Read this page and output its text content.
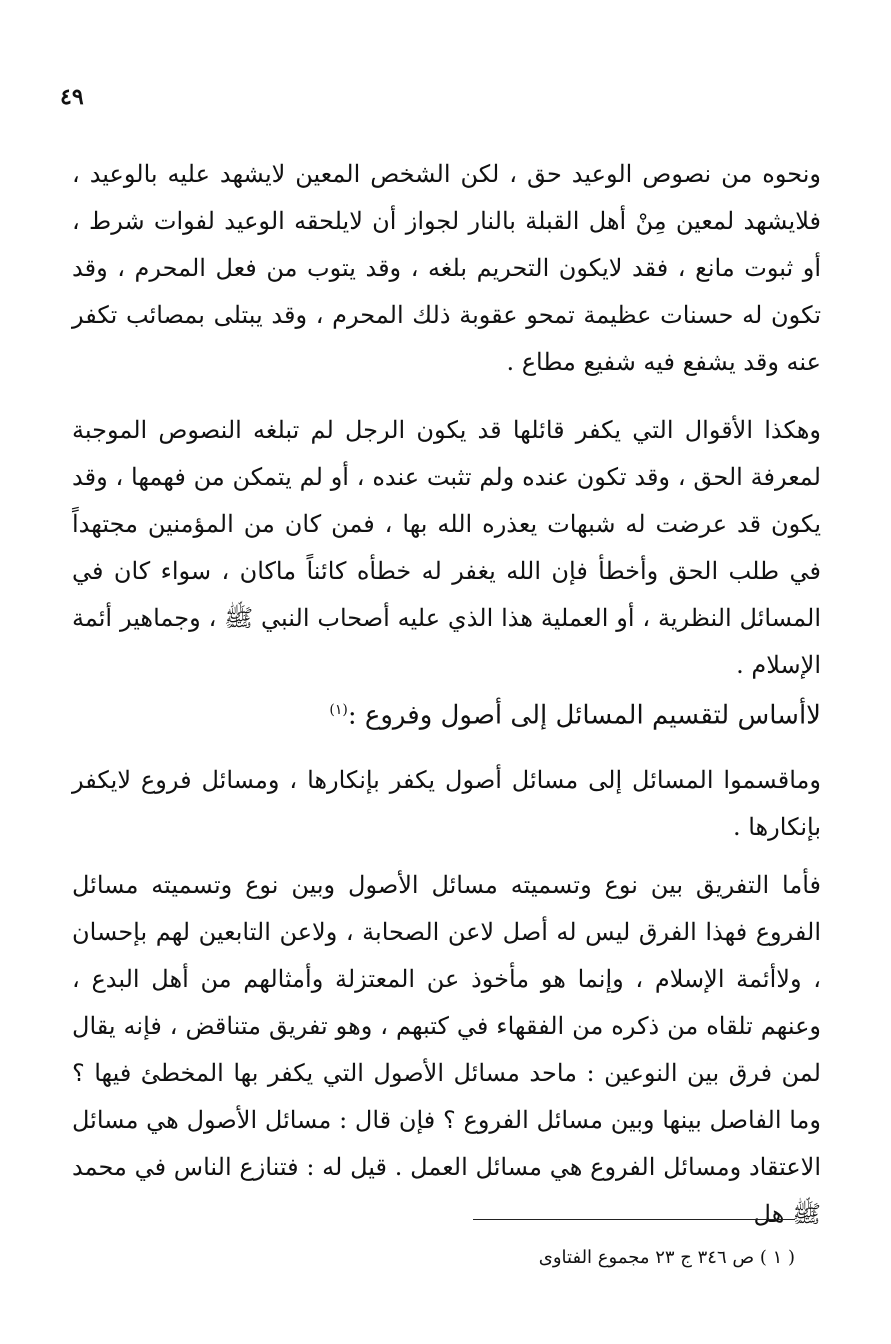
٤٩

ونحوه من نصوص الوعيد حق ، لكن الشخص المعين لايشهد عليه بالوعيد ، فلايشهد لمعين مِنْ أهل القبلة بالنار لجواز أن لايلحقه الوعيد لفوات شرط ، أو ثبوت مانع ، فقد لايكون التحريم بلغه ، وقد يتوب من فعل المحرم ، وقد تكون له حسنات عظيمة تمحو عقوبة ذلك المحرم ، وقد يبتلى بمصائب تكفر عنه وقد يشفع فيه شفيع مطاع .

وهكذا الأقوال التي يكفر قائلها قد يكون الرجل لم تبلغه النصوص الموجبة لمعرفة الحق ، وقد تكون عنده ولم تثبت عنده ، أو لم يتمكن من فهمها ، وقد يكون قد عرضت له شبهات يعذره الله بها ، فمن كان من المؤمنين مجتهداً في طلب الحق وأخطأ فإن الله يغفر له خطأه كائناً ماكان ، سواء كان في المسائل النظرية ، أو العملية هذا الذي عليه أصحاب النبي ﷺ ، وجماهير أئمة الإسلام .

لاأساس لتقسيم المسائل إلى أصول وفروع :$^{(١)}$

وماقسموا المسائل إلى مسائل أصول يكفر بإنكارها ، ومسائل فروع لايكفر بإنكارها .

فأما التفريق بين نوع وتسميته مسائل الأصول وبين نوع وتسميته مسائل الفروع فهذا الفرق ليس له أصل لاعن الصحابة ، ولاعن التابعين لهم بإحسان ، ولاأئمة الإسلام ، وإنما هو مأخوذ عن المعتزلة وأمثالهم من أهل البدع ، وعنهم تلقاه من ذكره من الفقهاء في كتبهم ، وهو تفريق متناقض ، فإنه يقال لمن فرق بين النوعين : ماحد مسائل الأصول التي يكفر بها المخطئ فيها ؟ وما الفاصل بينها وبين مسائل الفروع ؟ فإن قال : مسائل الأصول هي مسائل الاعتقاد ومسائل الفروع هي مسائل العمل . قيل له : فتنازع الناس في محمد ﷺ هل

( ١ ) ص ٣٤٦ ج ٢٣ مجموع الفتاوى
